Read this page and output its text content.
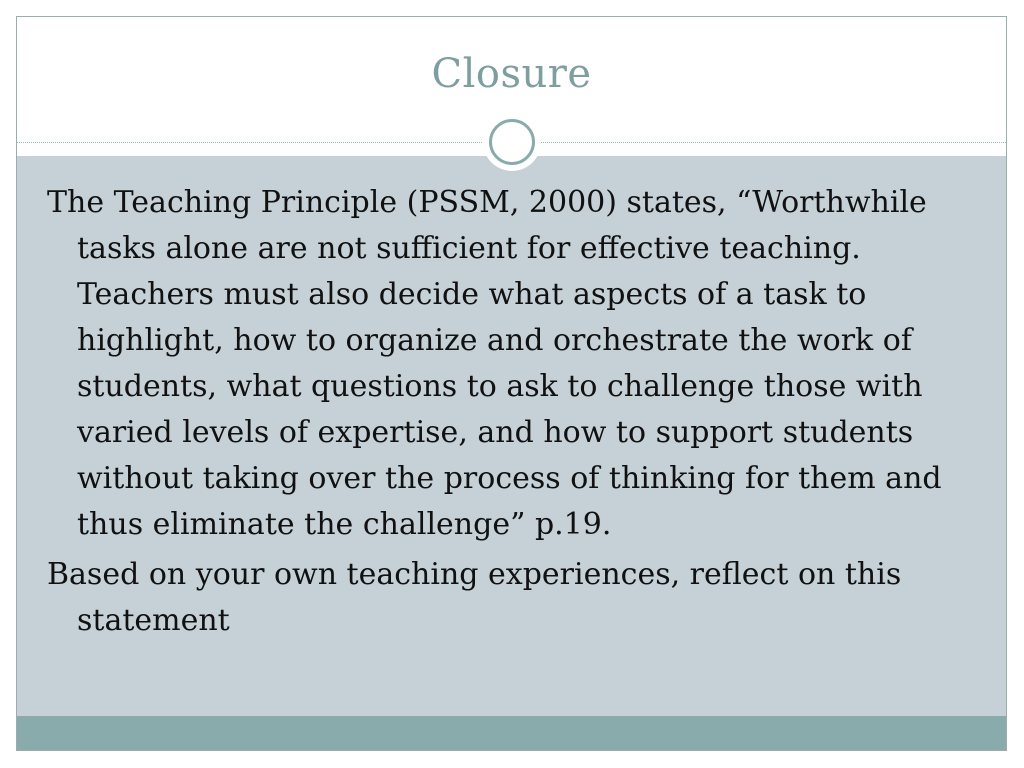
Closure

The Teaching Principle (PSSM, 2000) states, “Worthwhile tasks alone are not sufficient for effective teaching. Teachers must also decide what aspects of a task to highlight, how to organize and orchestrate the work of students, what questions to ask to challenge those with varied levels of expertise, and how to support students without taking over the process of thinking for them and thus eliminate the challenge” p.19.

Based on your own teaching experiences, reflect on this statement
